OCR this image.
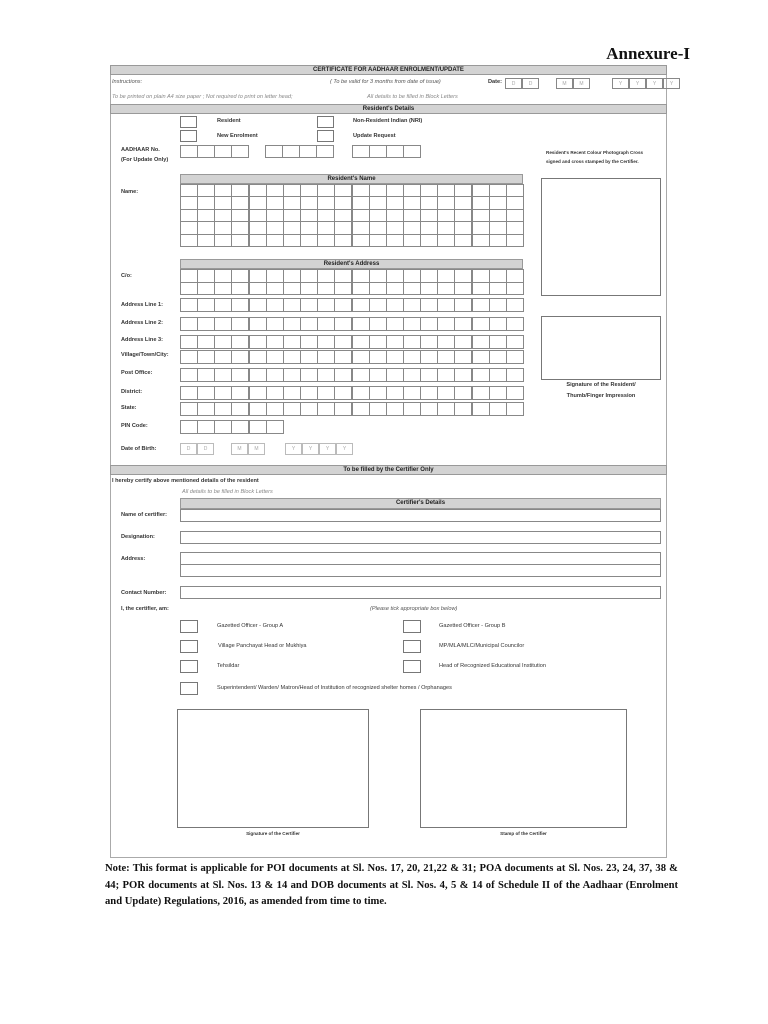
Annexure-I
CERTIFICATE FOR AADHAAR ENROLMENT/UPDATE
Instructions:	( To be valid for 3 months from date of issue)	Date:
To be printed on plain A4 size paper ; Not required to print on letter head;	All details to be filled in Block Letters
Resident's Details
Resident	Non-Resident Indian (NRI)
New Enrolment	Update Request
AADHAAR No.
(For Update Only)
Resident's Recent Colour Photograph Cross
signed and cross stamped by the Certifier.
Resident's Name
Name:
Resident's Address
Signature of the Resident/
Thumb/Finger Impression
To be filled by the Certifier Only
I hereby certify above mentioned details of the resident
All details to be filled in Block Letters
Certifier's Details
Name of certifier:
Designation:
Address:
Contact Number:
I, the certifier, am:	(Please tick appropriate box below)
Gazetted Officer - Group A	Gazetted Officer - Group B
Village Panchayat Head or Mukhiya	MP/MLA/MLC/Municipal Councilor
Tehsildar	Head of Recognized Educational Institution
Superintendent/ Warden/ Matron/Head of Institution of recognized shelter homes / Orphanages
Signature of the Certifier	Stamp of the Certifier
Note: This format is applicable for POI documents at Sl. Nos. 17, 20, 21,22 & 31; POA documents at Sl. Nos. 23, 24, 37, 38 & 44; POR documents at Sl. Nos. 13 & 14 and DOB documents at Sl. Nos. 4, 5 & 14 of Schedule II of the Aadhaar (Enrolment and Update) Regulations, 2016, as amended from time to time.
D	D	M	M	Y	Y	Y	Y
C/o:
Address Line 1:
Address Line 2:
Address Line 3:
Village/Town/City:
Post Office:
District:
State:
PIN Code:
Date of Birth:	D	D	M	M	Y	Y	Y	Y
